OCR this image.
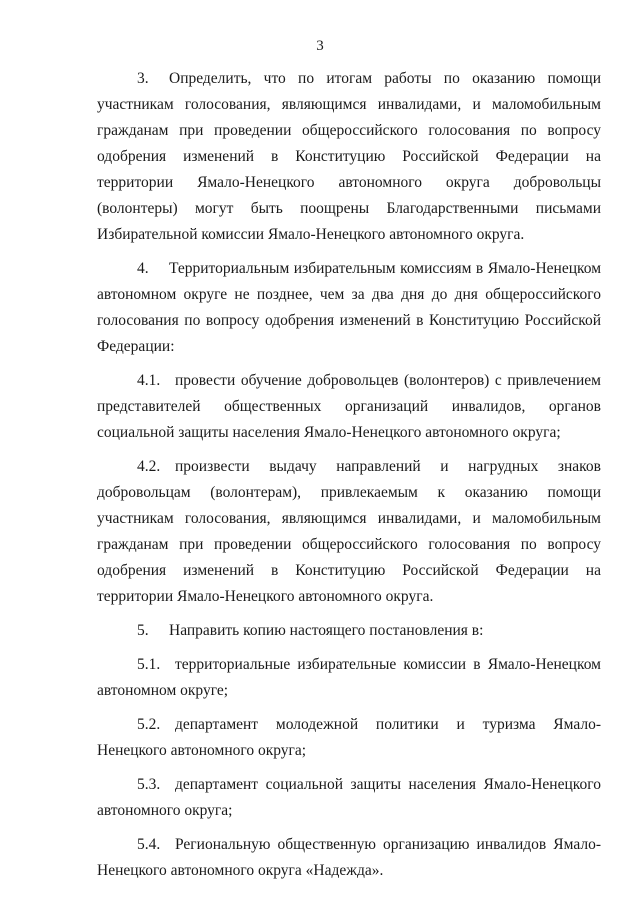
3

3. Определить, что по итогам работы по оказанию помощи участникам голосования, являющимся инвалидами, и маломобильным гражданам при проведении общероссийского голосования по вопросу одобрения изменений в Конституцию Российской Федерации на территории Ямало-Ненецкого автономного округа добровольцы (волонтеры) могут быть поощрены Благодарственными письмами Избирательной комиссии Ямало-Ненецкого автономного округа.

4. Территориальным избирательным комиссиям в Ямало-Ненецком автономном округе не позднее, чем за два дня до дня общероссийского голосования по вопросу одобрения изменений в Конституцию Российской Федерации:

4.1. провести обучение добровольцев (волонтеров) с привлечением представителей общественных организаций инвалидов, органов социальной защиты населения Ямало-Ненецкого автономного округа;

4.2. произвести выдачу направлений и нагрудных знаков добровольцам (волонтерам), привлекаемым к оказанию помощи участникам голосования, являющимся инвалидами, и маломобильным гражданам при проведении общероссийского голосования по вопросу одобрения изменений в Конституцию Российской Федерации на территории Ямало-Ненецкого автономного округа.

5. Направить копию настоящего постановления в:

5.1. территориальные избирательные комиссии в Ямало-Ненецком автономном округе;

5.2. департамент молодежной политики и туризма Ямало-Ненецкого автономного округа;

5.3. департамент социальной защиты населения Ямало-Ненецкого автономного округа;

5.4. Региональную общественную организацию инвалидов Ямало-Ненецкого автономного округа «Надежда».
